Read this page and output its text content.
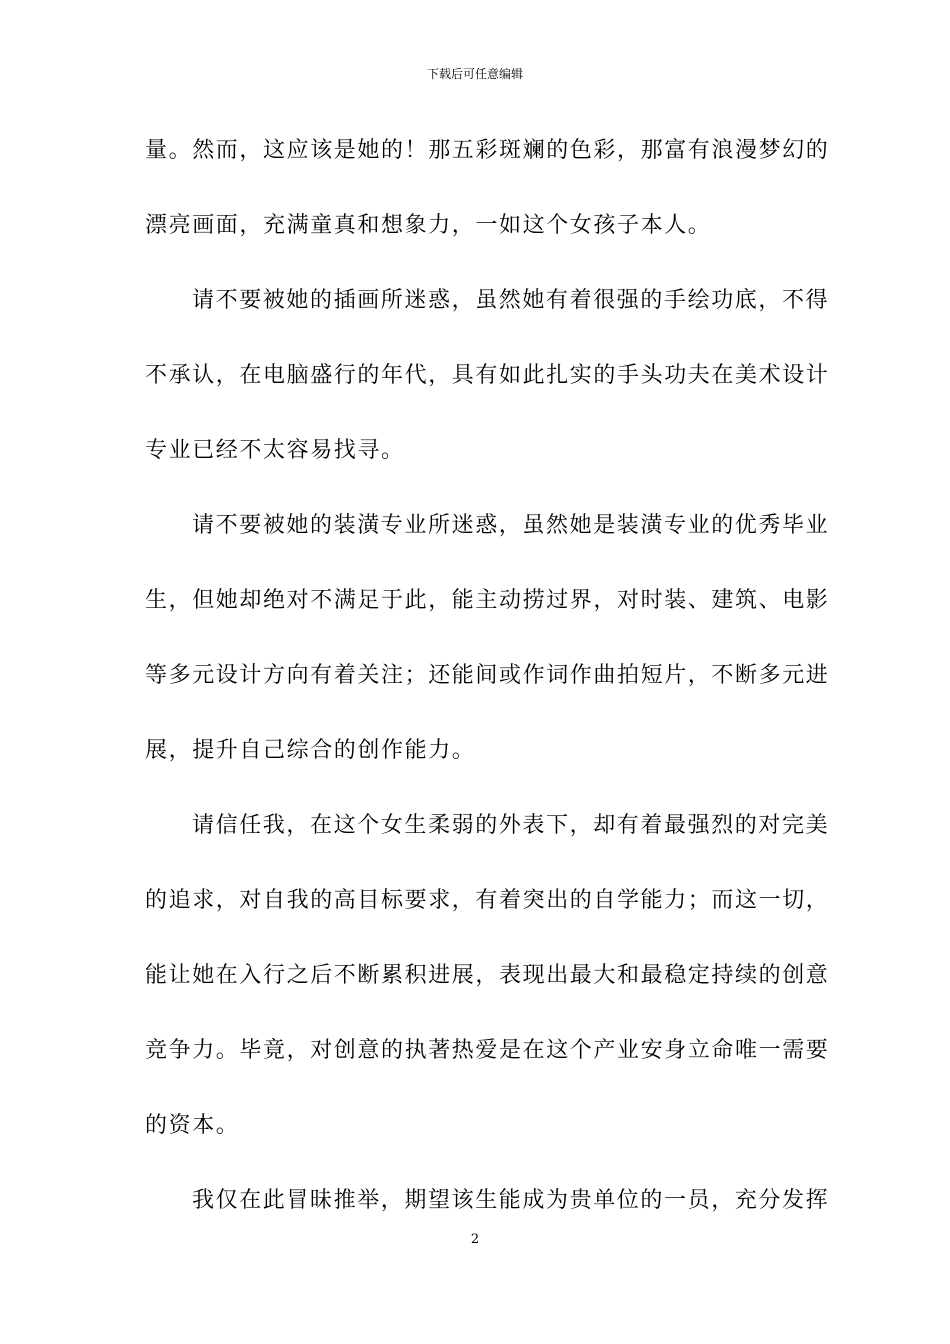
下载后可任意编辑
量。然而，这应该是她的！那五彩斑斓的色彩，那富有浪漫梦幻的
漂亮画面，充满童真和想象力，一如这个女孩子本人。
请不要被她的插画所迷惑，虽然她有着很强的手绘功底，不得
不承认，在电脑盛行的年代，具有如此扎实的手头功夫在美术设计
专业已经不太容易找寻。
请不要被她的装潢专业所迷惑，虽然她是装潢专业的优秀毕业
生，但她却绝对不满足于此，能主动捞过界，对时装、建筑、电影
等多元设计方向有着关注；还能间或作词作曲拍短片，不断多元进
展，提升自己综合的创作能力。
请信任我，在这个女生柔弱的外表下，却有着最强烈的对完美
的追求，对自我的高目标要求，有着突出的自学能力；而这一切，
能让她在入行之后不断累积进展，表现出最大和最稳定持续的创意
竞争力。毕竟，对创意的执著热爱是在这个产业安身立命唯一需要
的资本。
我仅在此冒昧推举，期望该生能成为贵单位的一员，充分发挥
2
